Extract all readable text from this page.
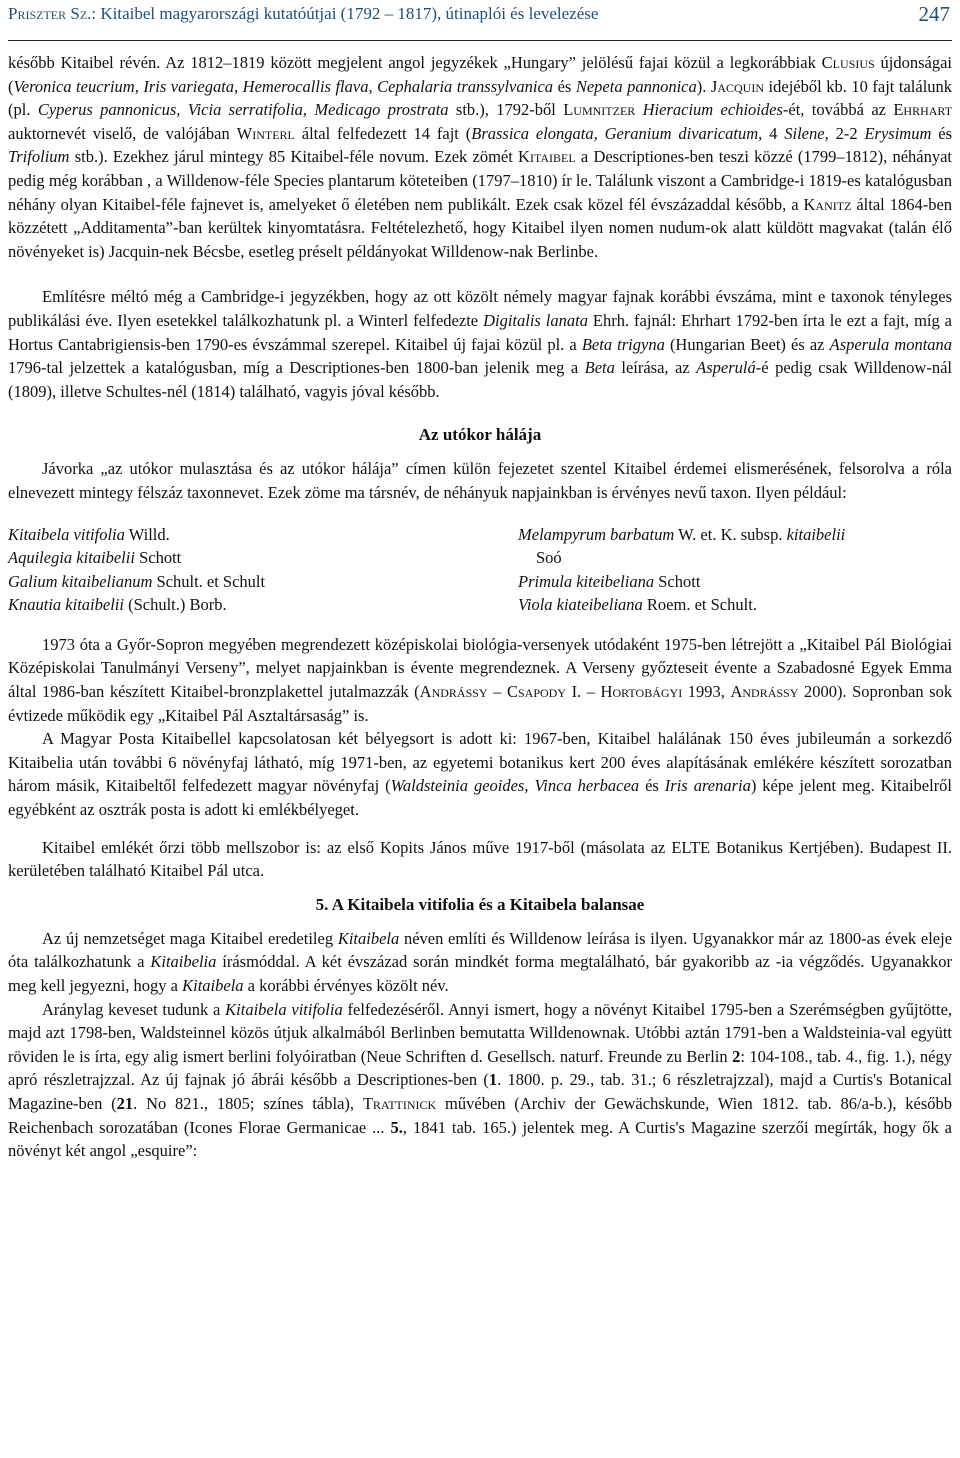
Priszter Sz.: Kitaibel magyarországi kutatóútjai (1792 – 1817), útinaplói és levelezése	247

később Kitaibel révén. Az 1812–1819 között megjelent angol jegyzékek „Hungary” jelölésű fajai közül a legkorábbiak Clusius újdonságai (Veronica teucrium, Iris variegata, Hemerocallis flava, Cephalaria transsylvanica és Nepeta pannonica). Jacquin idejéből kb. 10 fajt találunk (pl. Cyperus pannonicus, Vicia serratifolia, Medicago prostrata stb.), 1792-ből Lumnitzer Hieracium echioides-ét, továbbá az Ehrhart auktornevét viselő, de valójában Winterl által felfedezett 14 fajt (Brassica elongata, Geranium divaricatum, 4 Silene, 2-2 Erysimum és Trifolium stb.). Ezekhez járul mintegy 85 Kitaibel-féle novum. Ezek zömét Kitaibel a Descriptiones-ben teszi közzé (1799–1812), néhányat pedig még korábban , a Willdenow-féle Species plantarum köteteiben (1797–1810) ír le. Találunk viszont a Cambridge-i 1819-es katalógusban néhány olyan Kitaibel-féle fajnevet is, amelyeket ő életében nem publikált. Ezek csak közel fél évszázaddal később, a Kanitz által 1864-ben közzétett „Additamenta”-ban kerültek kinyomtatásra. Feltételezhető, hogy Kitaibel ilyen nomen nudum-ok alatt küldött magvakat (talán élő növényeket is) Jacquin-nek Bécsbe, esetleg préselt példányokat Willdenow-nak Berlinbe.

Említésre méltó még a Cambridge-i jegyzékben, hogy az ott közölt némely magyar fajnak korábbi évszáma, mint e taxonok tényleges publikálási éve. Ilyen esetekkel találkozhatunk pl. a Winterl felfedezte Digitalis lanata Ehrh. fajnál: Ehrhart 1792-ben írta le ezt a fajt, míg a Hortus Cantabrigiensis-ben 1790-es évszámmal szerepel. Kitaibel új fajai közül pl. a Beta trigyna (Hungarian Beet) és az Asperula montana 1796-tal jelzettek a katalógusban, míg a Descriptiones-ben 1800-ban jelenik meg a Beta leírása, az Asperulá-é pedig csak Willdenow-nál (1809), illetve Schultes-nél (1814) található, vagyis jóval később.

Az utókor hálája

Jávorka „az utókor mulasztása és az utókor hálája” címen külön fejezetet szentel Kitaibel érdemei elismerésének, felsorolva a róla elnevezett mintegy félszáz taxonnevet. Ezek zöme ma társnév, de néhányuk napjainkban is érvényes nevű taxon. Ilyen például:

Kitaibela vitifolia Willd.
Aquilegia kitaibelii Schott
Galium kitaibelianum Schult. et Schult
Knautia kitaibelii (Schult.) Borb.
Melampyrum barbatum W. et. K. subsp. kitaibelii
Soó
Primula kiteibeliana Schott
Viola kiateibeliana Roem. et Schult.

1973 óta a Győr-Sopron megyében megrendezett középiskolai biológia-versenyek utódaként 1975-ben létrejött a „Kitaibel Pál Biológiai Középiskolai Tanulmányi Verseny”, melyet napjainkban is évente megrendeznek. A Verseny győzteseit évente a Szabadosné Egyek Emma által 1986-ban készített Kitaibel-bronzplakettel jutalmazzák (Andrássy – Csapody I. – Hortobágyi 1993, Andrássy 2000). Sopronban sok évtizede működik egy „Kitaibel Pál Asztaltársaság” is.

A Magyar Posta Kitaibellel kapcsolatosan két bélyegsort is adott ki: 1967-ben, Kitaibel halálának 150 éves jubileumán a sorkezdő Kitaibelia után további 6 növényfaj látható, míg 1971-ben, az egyetemi botanikus kert 200 éves alapításának emlékére készített sorozatban három másik, Kitaibeltől felfedezett magyar növényfaj (Waldsteinia geoides, Vinca herbacea és Iris arenaria) képe jelent meg. Kitaibelről egyébként az osztrák posta is adott ki emlékbélyeget.

Kitaibel emlékét őrzi több mellszobor is: az első Kopits János műve 1917-ből (másolata az ELTE Botanikus Kertjében). Budapest II. kerületében található Kitaibel Pál utca.

5. A Kitaibela vitifolia és a Kitaibela balansae

Az új nemzetséget maga Kitaibel eredetileg Kitaibela néven említi és Willdenow leírása is ilyen. Ugyanakkor már az 1800-as évek eleje óta találkozhatunk a Kitaibelia írásmóddal. A két évszázad során mindkét forma megtalálható, bár gyakoribb az -ia végződés. Ugyanakkor meg kell jegyezni, hogy a Kitaibela a korábbi érvényes közölt név.

Aránylag keveset tudunk a Kitaibela vitifolia felfedezéséről. Annyi ismert, hogy a növényt Kitaibel 1795-ben a Szerémségben gyűjtötte, majd azt 1798-ben, Waldsteinnel közös útjuk alkalmából Berlinben bemutatta Willdenownak. Utóbbi aztán 1791-ben a Waldsteinia-val együtt röviden le is írta, egy alig ismert berlini folyóiratban (Neue Schriften d. Gesellsch. naturf. Freunde zu Berlin 2: 104-108., tab. 4., fig. 1.), négy apró részletrajzzal. Az új fajnak jó ábrái később a Descriptiones-ben (1. 1800. p. 29., tab. 31.; 6 részletrajzzal), majd a Curtis's Botanical Magazine-ben (21. No 821., 1805; színes tábla), Trattinick művében (Archiv der Gewächskunde, Wien 1812. tab. 86/a-b.), később Reichenbach sorozatában (Icones Florae Germanicae ... 5., 1841 tab. 165.) jelentek meg. A Curtis's Magazine szerzői megírták, hogy ők a növényt két angol „esquire”:
